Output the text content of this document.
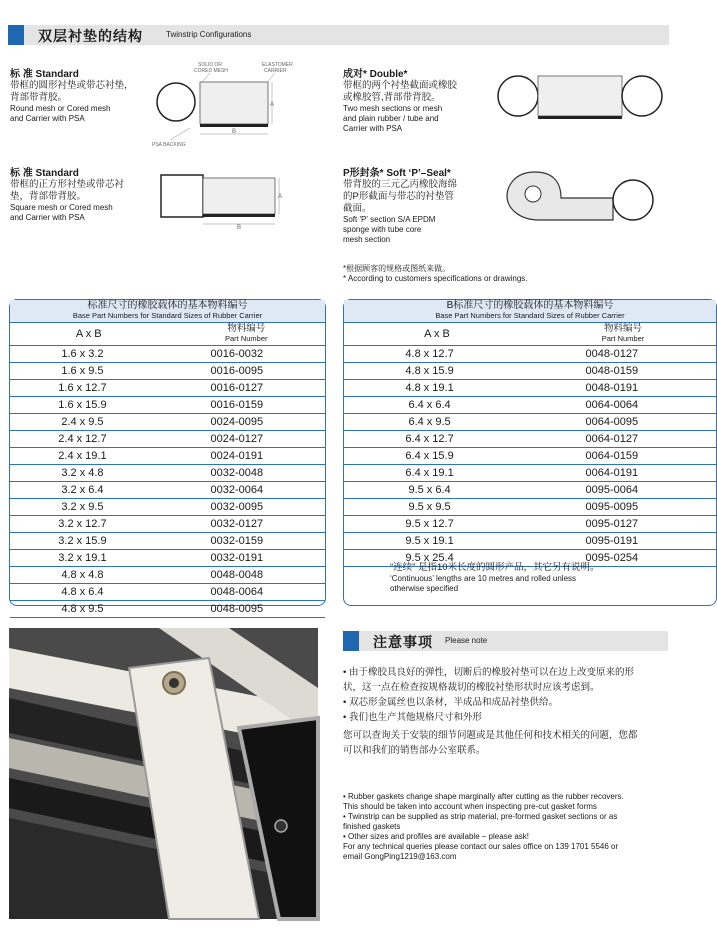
双层衬垫的结构	Twinstrip Configurations
标 准 Standard
带框的圆形衬垫或带芯衬垫，
背部带背胶。
Round mesh or Cored mesh
and Carrier with PSA
SOLID OR
CORED MESH
ELASTOMER
CARRIER
A
B
PSA BACKING
标 准 Standard
带框的正方形衬垫或带芯衬
垫，背部带背胶。
Square mesh or Cored mesh
and Carrier with PSA
A
B
成对* Double*
带框的两个衬垫截面或橡胶
或橡胶管,背部带背胶。
Two mesh sections or mesh
and plain rubber / tube and
Carrier with PSA
P形封条* Soft ‘P’–Seal*
带背胶的三元乙丙橡胶海绵
的P形截面与带芯的衬垫管
截面。
Soft 'P' section S/A EPDM
sponge with tube core
mesh section
*根据顾客的规格或图纸来做。
* According to customers specifications or drawings.
标准尺寸的橡胶载体的基本物料编号
Base Part Numbers for Standard Sizes of Rubber Carrier
A x B	物料编号
Part Number
1.6 x 3.2	0016-0032
1.6 x 9.5	0016-0095
1.6 x 12.7	0016-0127
1.6 x 15.9	0016-0159
2.4 x 9.5	0024-0095
2.4 x 12.7	0024-0127
2.4 x 19.1	0024-0191
3.2 x 4.8	0032-0048
3.2 x 6.4	0032-0064
3.2 x 9.5	0032-0095
3.2 x 12.7	0032-0127
3.2 x 15.9	0032-0159
3.2 x 19.1	0032-0191
4.8 x 4.8	0048-0048
4.8 x 6.4	0048-0064
4.8 x 9.5	0048-0095
B标准尺寸的橡胶载体的基本物料编号
Base Part Numbers for Standard Sizes of Rubber Carrier
A x B	物料编号
Part Number
4.8 x 12.7	0048-0127
4.8 x 15.9	0048-0159
4.8 x 19.1	0048-0191
6.4 x 6.4	0064-0064
6.4 x 9.5	0064-0095
6.4 x 12.7	0064-0127
6.4 x 15.9	0064-0159
6.4 x 19.1	0064-0191
9.5 x 6.4	0095-0064
9.5 x 9.5	0095-0095
9.5 x 12.7	0095-0127
9.5 x 19.1	0095-0191
9.5 x 25.4	0095-0254
“连续” 是指10米长度的圆形产品，其它另有说明。
‘Continuous’ lengths are 10 metres and rolled unless
otherwise specified
注意事项 Please note
• 由于橡胶具良好的弹性，切断后的橡胶衬垫可以在边上改变原来的形
状，这一点在检查按规格裁切的橡胶衬垫形状时应该考虑到。
• 双芯形金属丝也以条材，半成品和成品衬垫供给。
• 我们也生产其他规格尺寸和外形
您可以查询关于安装的细节问题或是其他任何和技术相关的问题，您都
可以和我们的销售部办公室联系。
• Rubber gaskets change shape marginally after cutting as the rubber recovers.
This should be taken into account when inspecting pre-cut gasket forms
• Twinstrip can be supplied as strip material, pre-formed gasket sections or as
finished gaskets
• Other sizes and profiles are available – please ask!
For any technical queries please contact our sales office on 139 1701 5546 or
email GongPing1219@163.com
